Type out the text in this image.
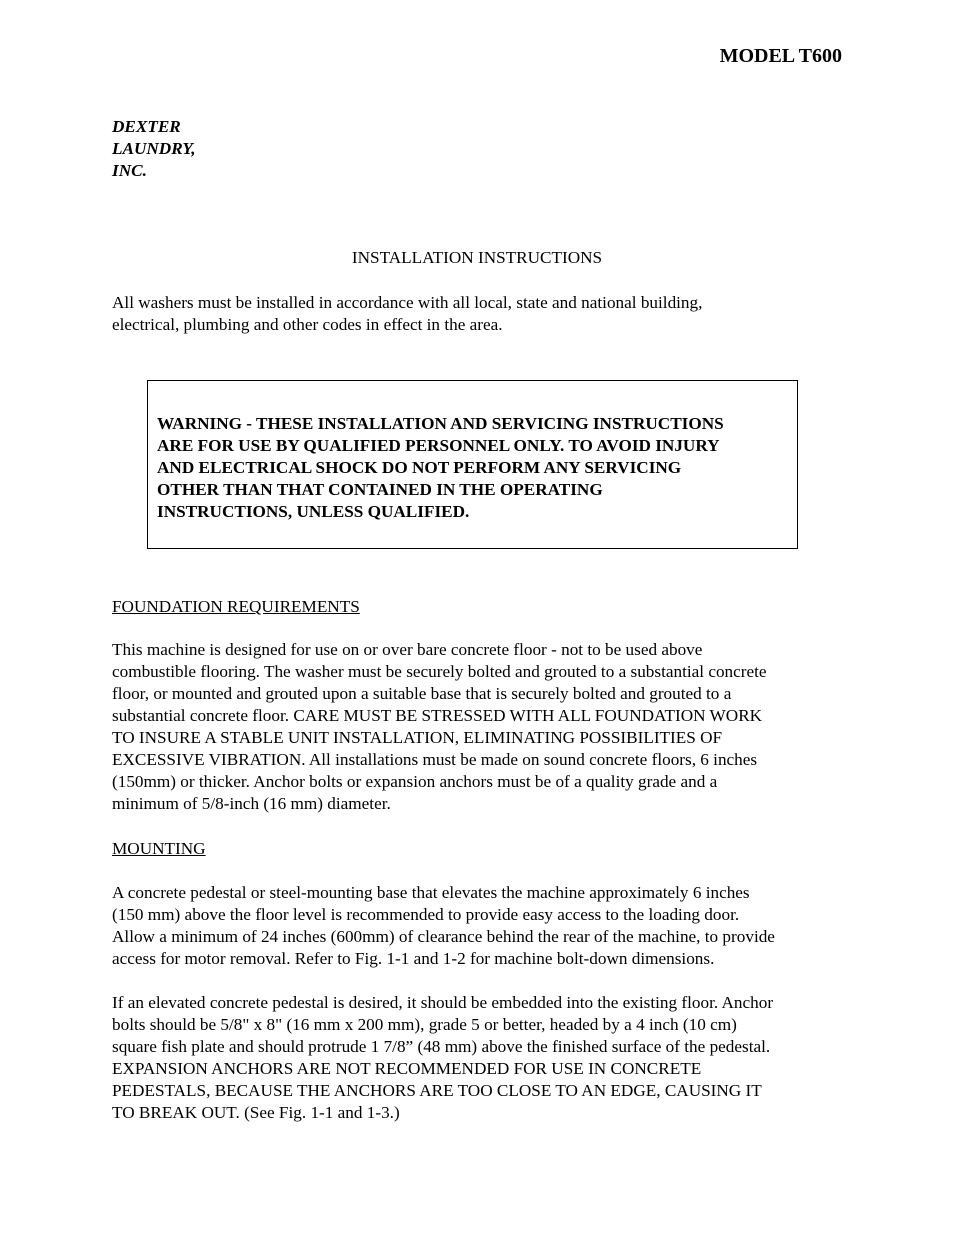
MODEL T600
DEXTER
LAUNDRY,
INC.
INSTALLATION INSTRUCTIONS
All washers must be installed in accordance with all local, state and national building,
electrical, plumbing and other codes in effect in the area.
WARNING - THESE INSTALLATION AND SERVICING INSTRUCTIONS
ARE FOR USE BY QUALIFIED PERSONNEL ONLY. TO AVOID INJURY
AND ELECTRICAL SHOCK DO NOT PERFORM ANY SERVICING
OTHER THAN THAT CONTAINED IN THE OPERATING
INSTRUCTIONS, UNLESS QUALIFIED.
FOUNDATION REQUIREMENTS
This machine is designed for use on or over bare concrete floor - not to be used above
combustible flooring. The washer must be securely bolted and grouted to a substantial concrete
floor, or mounted and grouted upon a suitable base that is securely bolted and grouted to a
substantial concrete floor. CARE MUST BE STRESSED WITH ALL FOUNDATION WORK
TO INSURE A STABLE UNIT INSTALLATION, ELIMINATING POSSIBILITIES OF
EXCESSIVE VIBRATION. All installations must be made on sound concrete floors, 6 inches
(150mm) or thicker. Anchor bolts or expansion anchors must be of a quality grade and a
minimum of 5/8-inch (16 mm) diameter.
MOUNTING
A concrete pedestal or steel-mounting base that elevates the machine approximately 6 inches
(150 mm) above the floor level is recommended to provide easy access to the loading door.
Allow a minimum of 24 inches (600mm) of clearance behind the rear of the machine, to provide
access for motor removal. Refer to Fig. 1-1 and 1-2 for machine bolt-down dimensions.
If an elevated concrete pedestal is desired, it should be embedded into the existing floor. Anchor
bolts should be 5/8" x 8" (16 mm x 200 mm), grade 5 or better, headed by a 4 inch (10 cm)
square fish plate and should protrude 1 7/8” (48 mm) above the finished surface of the pedestal.
EXPANSION ANCHORS ARE NOT RECOMMENDED FOR USE IN CONCRETE
PEDESTALS, BECAUSE THE ANCHORS ARE TOO CLOSE TO AN EDGE, CAUSING IT
TO BREAK OUT. (See Fig. 1-1 and 1-3.)
